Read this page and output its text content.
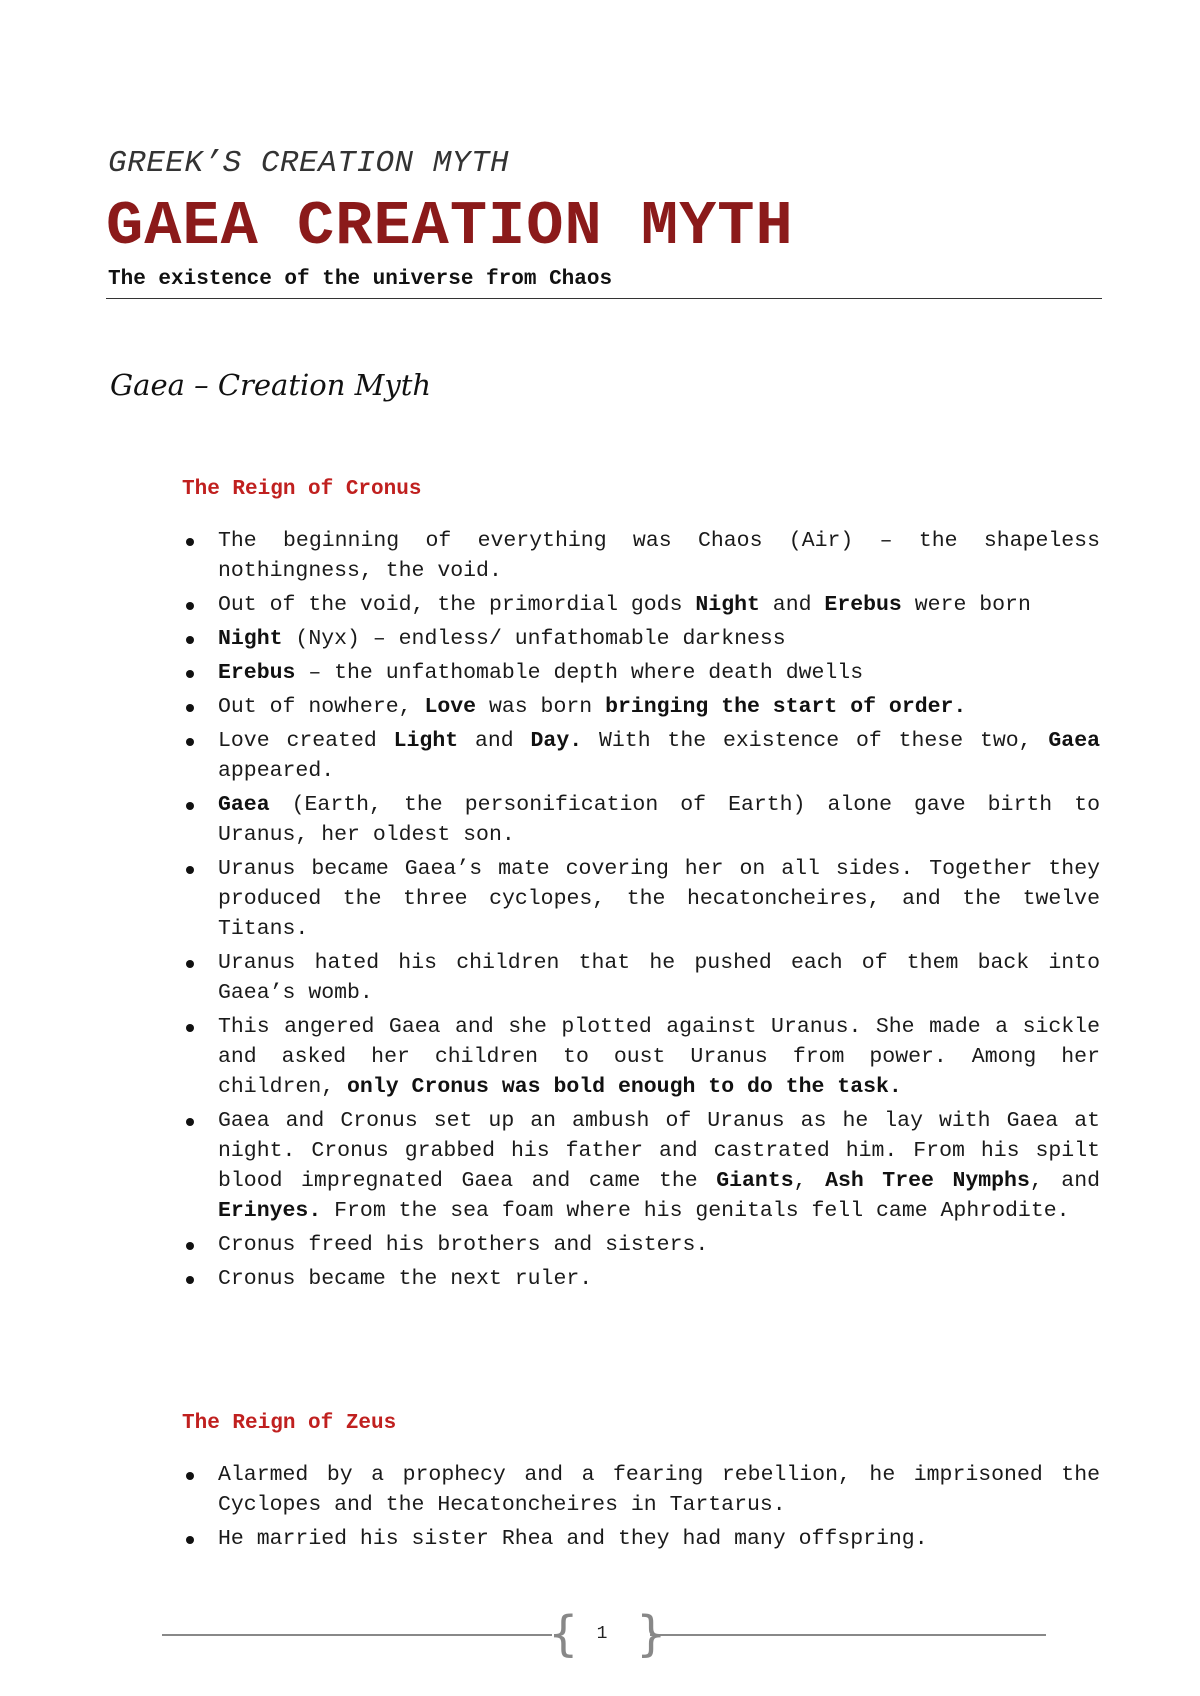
GREEK’S CREATION MYTH
GAEA CREATION MYTH
The existence of the universe from Chaos
Gaea – Creation Myth
The Reign of Cronus
The beginning of everything was Chaos (Air) – the shapeless nothingness, the void.
Out of the void, the primordial gods Night and Erebus were born
Night (Nyx) – endless/ unfathomable darkness
Erebus – the unfathomable depth where death dwells
Out of nowhere, Love was born bringing the start of order.
Love created Light and Day. With the existence of these two, Gaea appeared.
Gaea (Earth, the personification of Earth) alone gave birth to Uranus, her oldest son.
Uranus became Gaea’s mate covering her on all sides. Together they produced the three cyclopes, the hecatoncheires, and the twelve Titans.
Uranus hated his children that he pushed each of them back into Gaea’s womb.
This angered Gaea and she plotted against Uranus. She made a sickle and asked her children to oust Uranus from power. Among her children, only Cronus was bold enough to do the task.
Gaea and Cronus set up an ambush of Uranus as he lay with Gaea at night. Cronus grabbed his father and castrated him. From his spilt blood impregnated Gaea and came the Giants, Ash Tree Nymphs, and Erinyes. From the sea foam where his genitals fell came Aphrodite.
Cronus freed his brothers and sisters.
Cronus became the next ruler.
The Reign of Zeus
Alarmed by a prophecy and a fearing rebellion, he imprisoned the Cyclopes and the Hecatoncheires in Tartarus.
He married his sister Rhea and they had many offspring.
{ }
1
